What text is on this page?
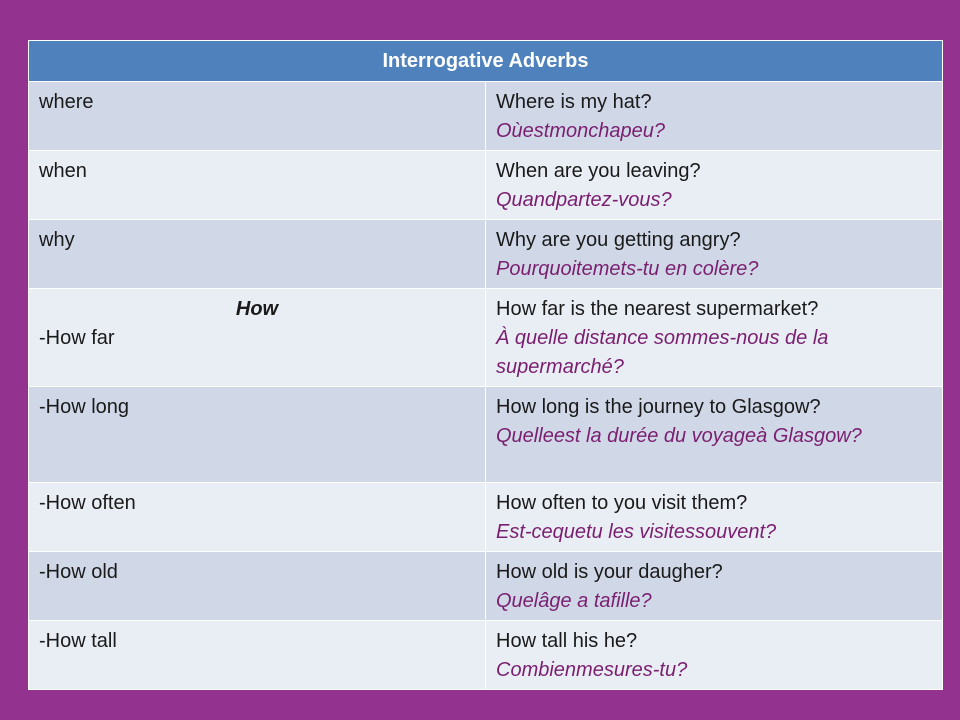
Interrogative Adverbs	

where	Where is my hat?
Oùestmonchapeu?

when	When are you leaving?
Quandpartez-vous?

why	Why are you getting angry?
Pourquoitemets-tu en colère?

How
-How far	How far is the nearest supermarket?
À quelle distance sommes-nous de la supermarché?

-How long	How long is the journey to Glasgow?
Quelleest la durée du voyageà Glasgow?

-How often	How often to you visit them?
Est-cequetu les visitessouvent?

-How old	How old is your daugher?
Quelâge a tafille?

-How tall	How tall his he?
Combienmesures-tu?
